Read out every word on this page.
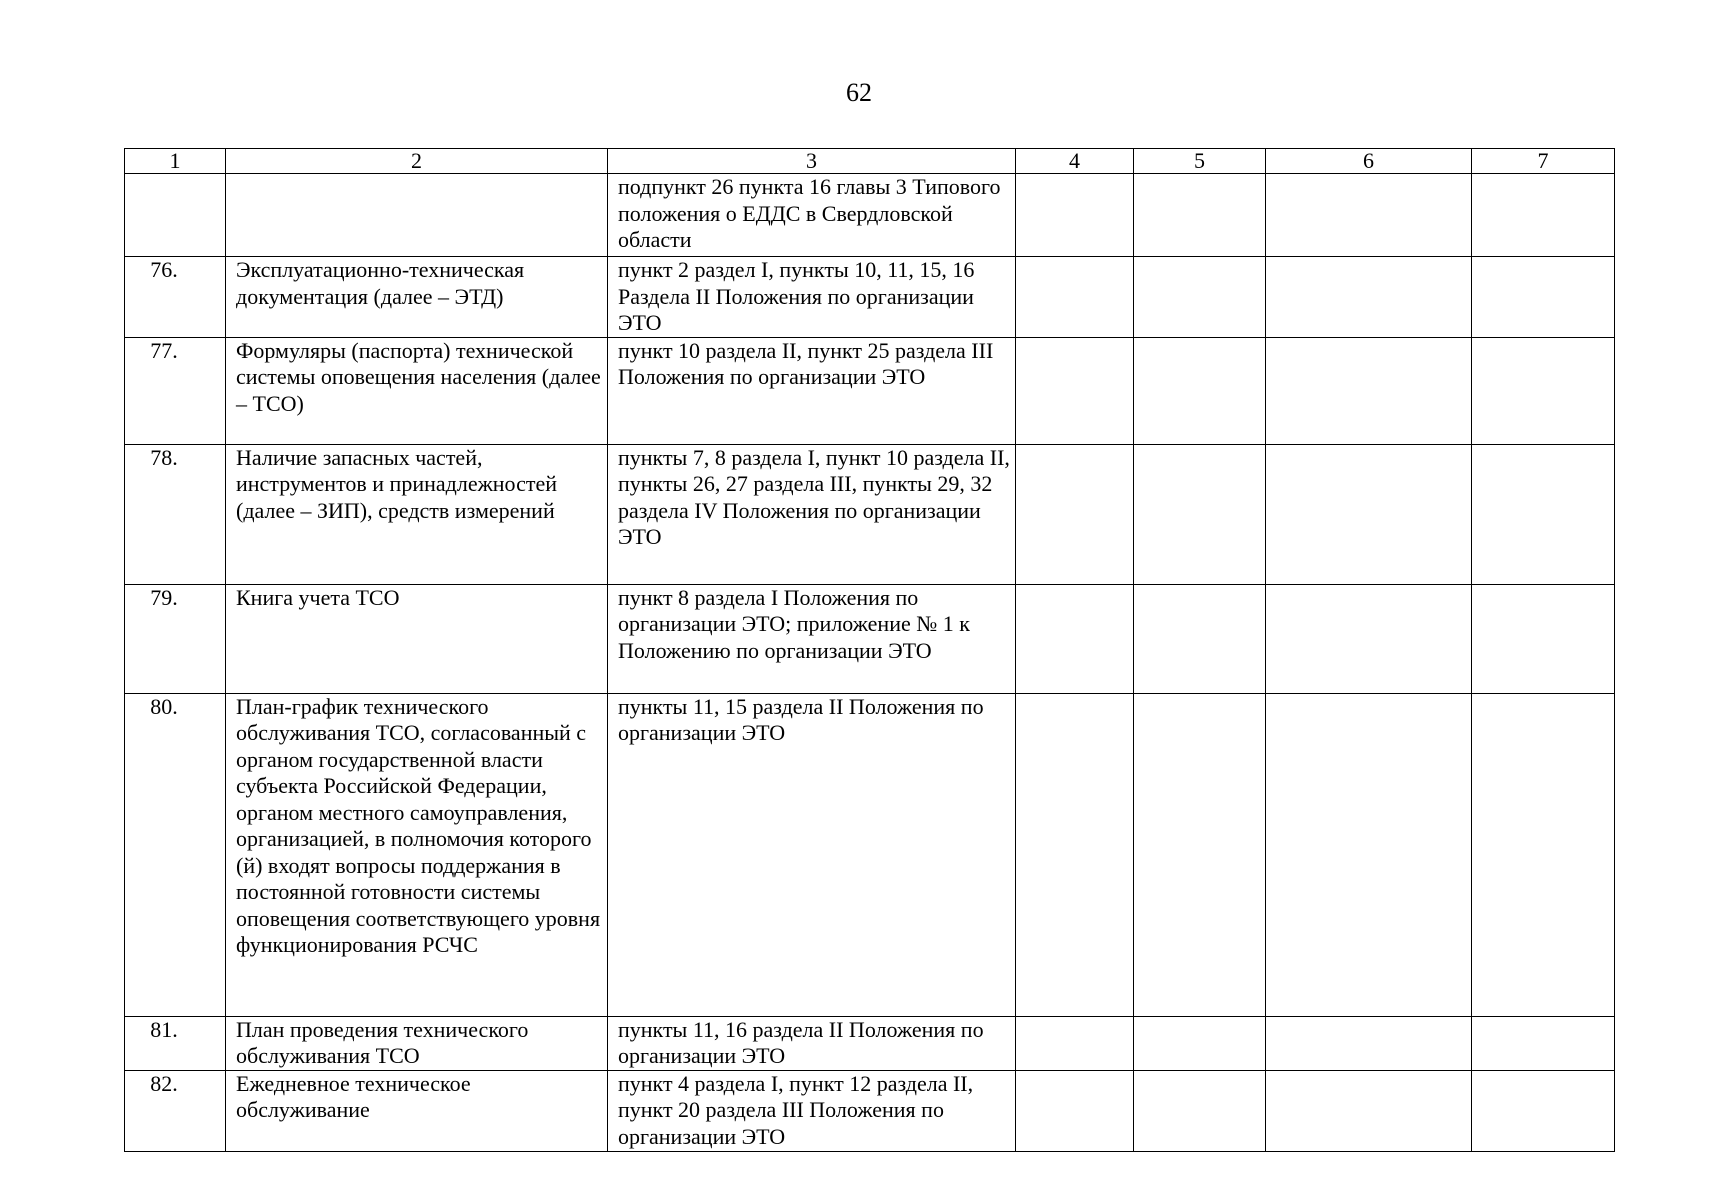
62
1	2	3	4	5	6	7
		подпункт 26 пункта 16 главы 3 Типового положения о ЕДДС в Свердловской области				
76.	Эксплуатационно-техническая документация (далее – ЭТД)	пункт 2 раздел I, пункты 10, 11, 15, 16 Раздела II Положения по организации ЭТО				
77.	Формуляры (паспорта) технической системы оповещения населения (далее – ТСО)	пункт 10 раздела II, пункт 25 раздела III Положения по организации ЭТО				
78.	Наличие запасных частей, инструментов и принадлежностей (далее – ЗИП), средств измерений	пункты 7, 8 раздела I, пункт 10 раздела II, пункты 26, 27 раздела III, пункты 29, 32 раздела IV Положения по организации ЭТО				
79.	Книга учета ТСО	пункт 8 раздела I Положения по организации ЭТО; приложение № 1 к Положению по организации ЭТО				
80.	План-график технического обслуживания ТСО, согласованный с органом государственной власти субъекта Российской Федерации, органом местного самоуправления, организацией, в полномочия которого (й) входят вопросы поддержания в постоянной готовности системы оповещения соответствующего уровня функционирования РСЧС	пункты 11, 15 раздела II Положения по организации ЭТО				
81.	План проведения технического обслуживания ТСО	пункты 11, 16 раздела II Положения по организации ЭТО				
82.	Ежедневное техническое обслуживание	пункт 4 раздела I, пункт 12 раздела II, пункт 20 раздела III Положения по организации ЭТО				
